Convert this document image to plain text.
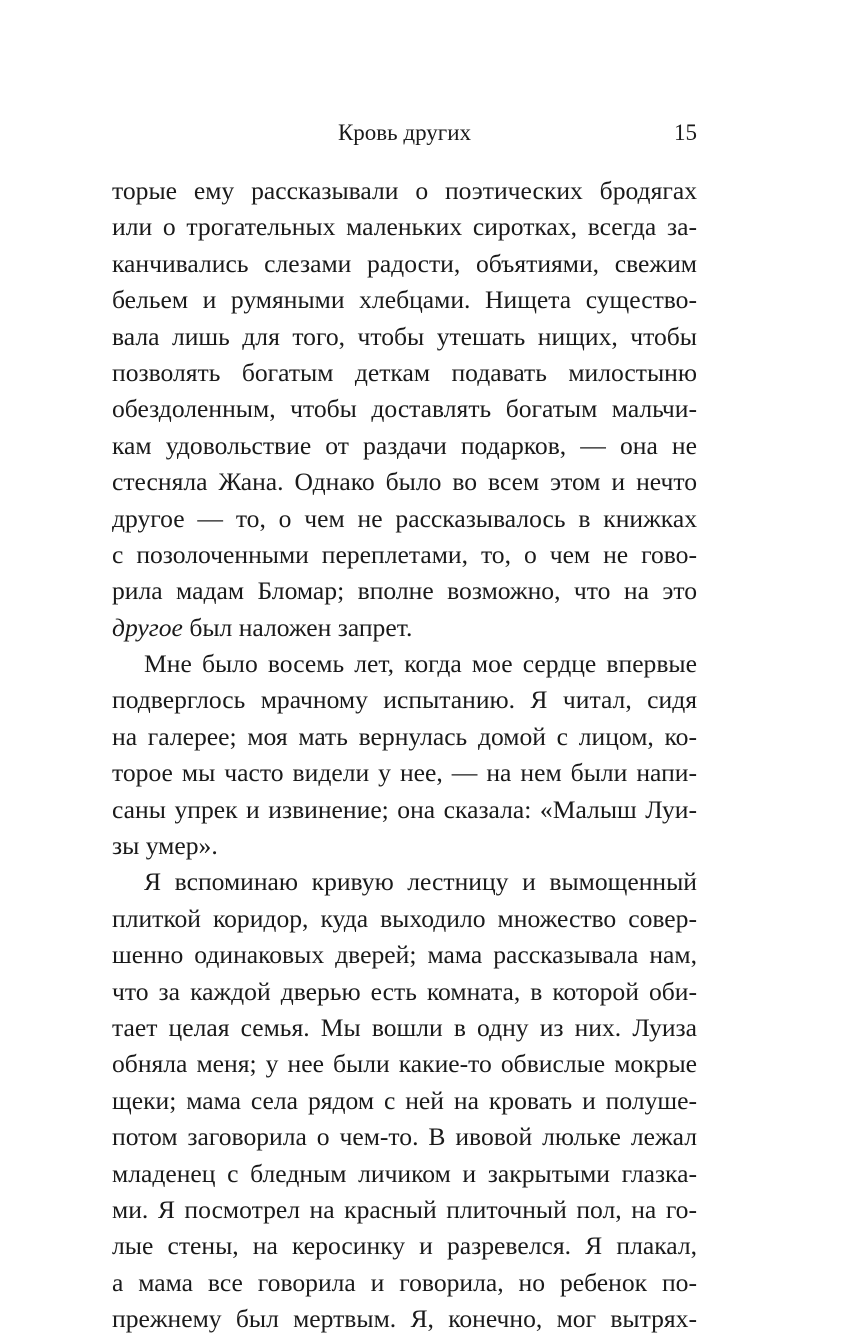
Кровь других	15
торые ему рассказывали о поэтических бродягах
или о трогательных маленьких сиротках, всегда за-
канчивались слезами радости, объятиями, свежим
бельем и румяными хлебцами. Нищета существо-
вала лишь для того, чтобы утешать нищих, чтобы
позволять богатым деткам подавать милостыню
обездоленным, чтобы доставлять богатым мальчи-
кам удовольствие от раздачи подарков, — она не
стесняла Жана. Однако было во всем этом и нечто
другое — то, о чем не рассказывалось в книжках
с позолоченными переплетами, то, о чем не гово-
рила мадам Бломар; вполне возможно, что на это
другое был наложен запрет.
Мне было восемь лет, когда мое сердце впервые
подверглось мрачному испытанию. Я читал, сидя
на галерее; моя мать вернулась домой с лицом, ко-
торое мы часто видели у нее, — на нем были напи-
саны упрек и извинение; она сказала: «Малыш Луи-
зы умер».
Я вспоминаю кривую лестницу и вымощенный
плиткой коридор, куда выходило множество совер-
шенно одинаковых дверей; мама рассказывала нам,
что за каждой дверью есть комната, в которой оби-
тает целая семья. Мы вошли в одну из них. Луиза
обняла меня; у нее были какие-то обвислые мокрые
щеки; мама села рядом с ней на кровать и полуше-
потом заговорила о чем-то. В ивовой люльке лежал
младенец с бледным личиком и закрытыми глазка-
ми. Я посмотрел на красный плиточный пол, на го-
лые стены, на керосинку и разревелся. Я плакал,
а мама все говорила и говорила, но ребенок по-
прежнему был мертвым. Я, конечно, мог вытрях-
